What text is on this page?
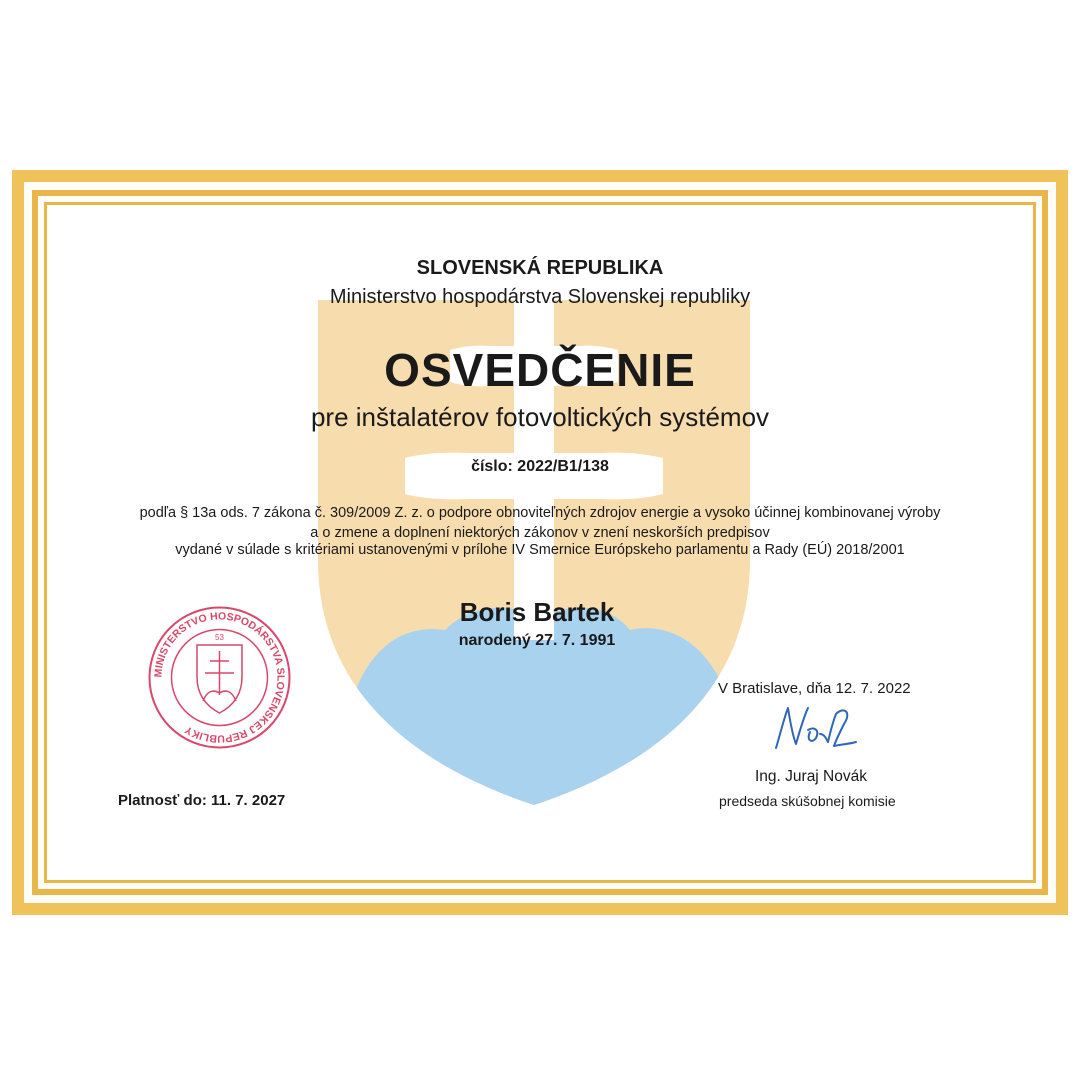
SLOVENSKÁ REPUBLIKA
Ministerstvo hospodárstva Slovenskej republiky
OSVEDČENIE
pre inštalatérov fotovoltických systémov
číslo: 2022/B1/138
podľa § 13a ods. 7 zákona č. 309/2009 Z. z. o podpore obnoviteľných zdrojov energie a vysoko účinnej kombinovanej výroby
a o zmene a doplnení niektorých zákonov v znení neskorších predpisov
vydané v súlade s kritériami ustanovenými v prílohe IV Smernice Európskeho parlamentu a Rady (EÚ) 2018/2001
Boris Bartek
narodený 27. 7. 1991
V Bratislave, dňa 12. 7. 2022
Ing. Juraj Novák
predseda skúšobnej komisie
Platnosť do: 11. 7. 2027
MINISTERSTVO HOSPODÁRSTVA SLOVENSKEJ REPUBLIKY
53
